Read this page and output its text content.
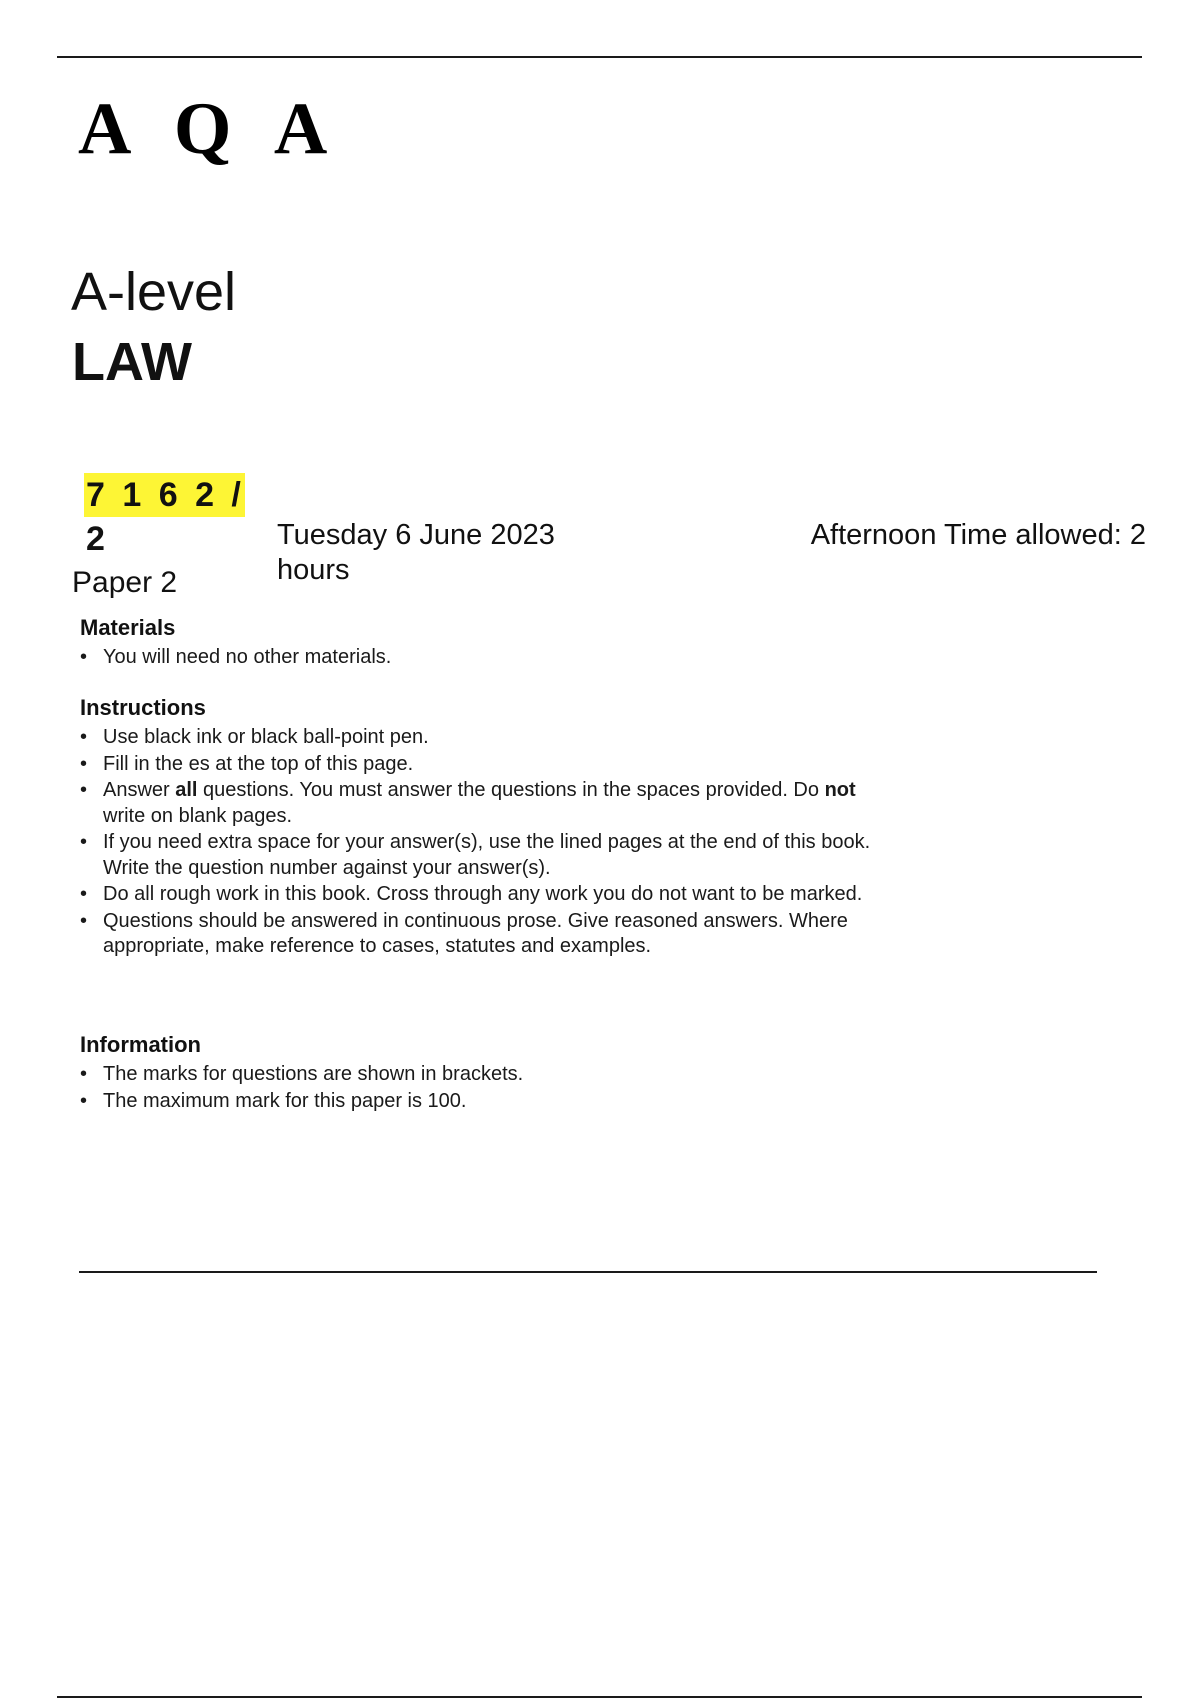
A Q A
A-level
LAW
7 1 6 2 / 2	Tuesday 6 June 2023
hours
Afternoon Time allowed: 2
Paper 2
Materials
• You will need no other materials.
Instructions
• Use black ink or black ball-point pen.
• Fill in the es at the top of this page.
• Answer all questions. You must answer the questions in the spaces provided. Do not write on blank pages.
• If you need extra space for your answer(s), use the lined pages at the end of this book. Write the question number against your answer(s).
• Do all rough work in this book. Cross through any work you do not want to be marked.
• Questions should be answered in continuous prose. Give reasoned answers. Where appropriate, make reference to cases, statutes and examples.
Information
• The marks for questions are shown in brackets.
• The maximum mark for this paper is 100.
